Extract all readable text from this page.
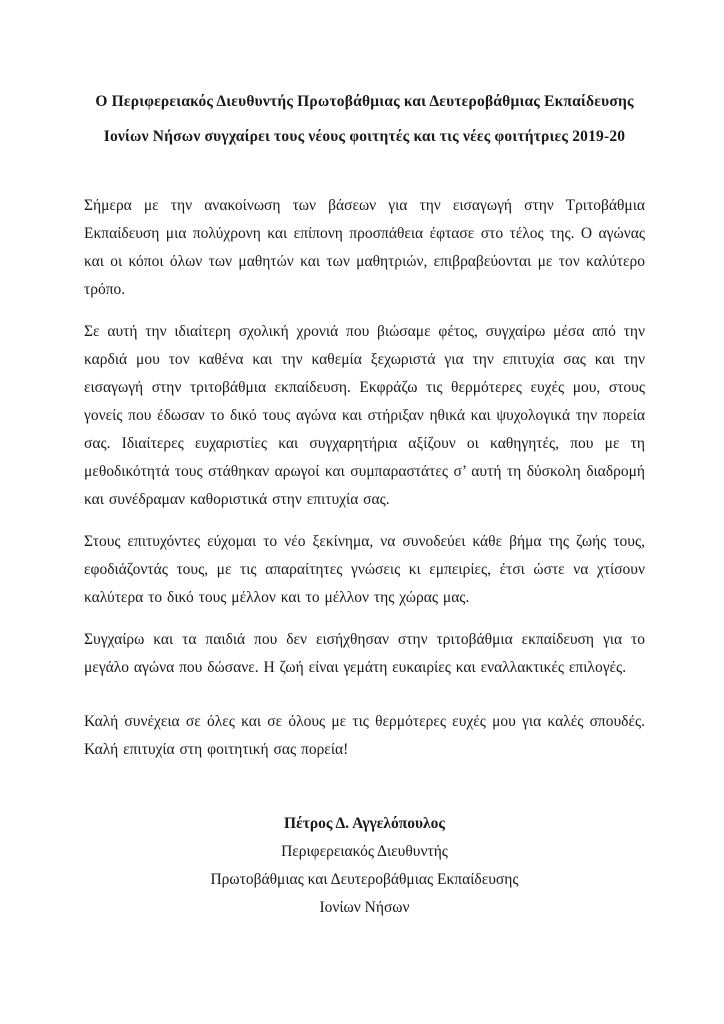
Ο Περιφερειακός Διευθυντής Πρωτοβάθμιας και Δευτεροβάθμιας Εκπαίδευσης
Ιονίων Νήσων συγχαίρει τους νέους φοιτητές και τις νέες φοιτήτριες 2019-20

Σήμερα με την ανακοίνωση των βάσεων για την εισαγωγή στην Τριτοβάθμια Εκπαίδευση μια πολύχρονη και επίπονη προσπάθεια έφτασε στο τέλος της. Ο αγώνας και οι κόποι όλων των μαθητών και των μαθητριών, επιβραβεύονται με τον καλύτερο τρόπο.

Σε αυτή την ιδιαίτερη σχολική χρονιά που βιώσαμε φέτος, συγχαίρω μέσα από την καρδιά μου τον καθένα και την καθεμία ξεχωριστά για την επιτυχία σας και την εισαγωγή στην τριτοβάθμια εκπαίδευση. Εκφράζω τις θερμότερες ευχές μου, στους γονείς που έδωσαν το δικό τους αγώνα και στήριξαν ηθικά και ψυχολογικά την πορεία σας. Ιδιαίτερες ευχαριστίες και συγχαρητήρια αξίζουν οι καθηγητές, που με τη μεθοδικότητά τους στάθηκαν αρωγοί και συμπαραστάτες σ’ αυτή τη δύσκολη διαδρομή και συνέδραμαν καθοριστικά στην επιτυχία σας.

Στους επιτυχόντες εύχομαι το νέο ξεκίνημα, να συνοδεύει κάθε βήμα της ζωής τους, εφοδιάζοντάς τους, με τις απαραίτητες γνώσεις κι εμπειρίες, έτσι ώστε να χτίσουν καλύτερα το δικό τους μέλλον και το μέλλον της χώρας μας.

Συγχαίρω και τα παιδιά που δεν εισήχθησαν στην τριτοβάθμια εκπαίδευση για το μεγάλο αγώνα που δώσανε. Η ζωή είναι γεμάτη ευκαιρίες και εναλλακτικές επιλογές.

Καλή συνέχεια σε όλες και σε όλους με τις θερμότερες ευχές μου για καλές σπουδές. Καλή επιτυχία στη φοιτητική σας πορεία!

Πέτρος Δ. Αγγελόπουλος
Περιφερειακός Διευθυντής
Πρωτοβάθμιας και Δευτεροβάθμιας Εκπαίδευσης
Ιονίων Νήσων
